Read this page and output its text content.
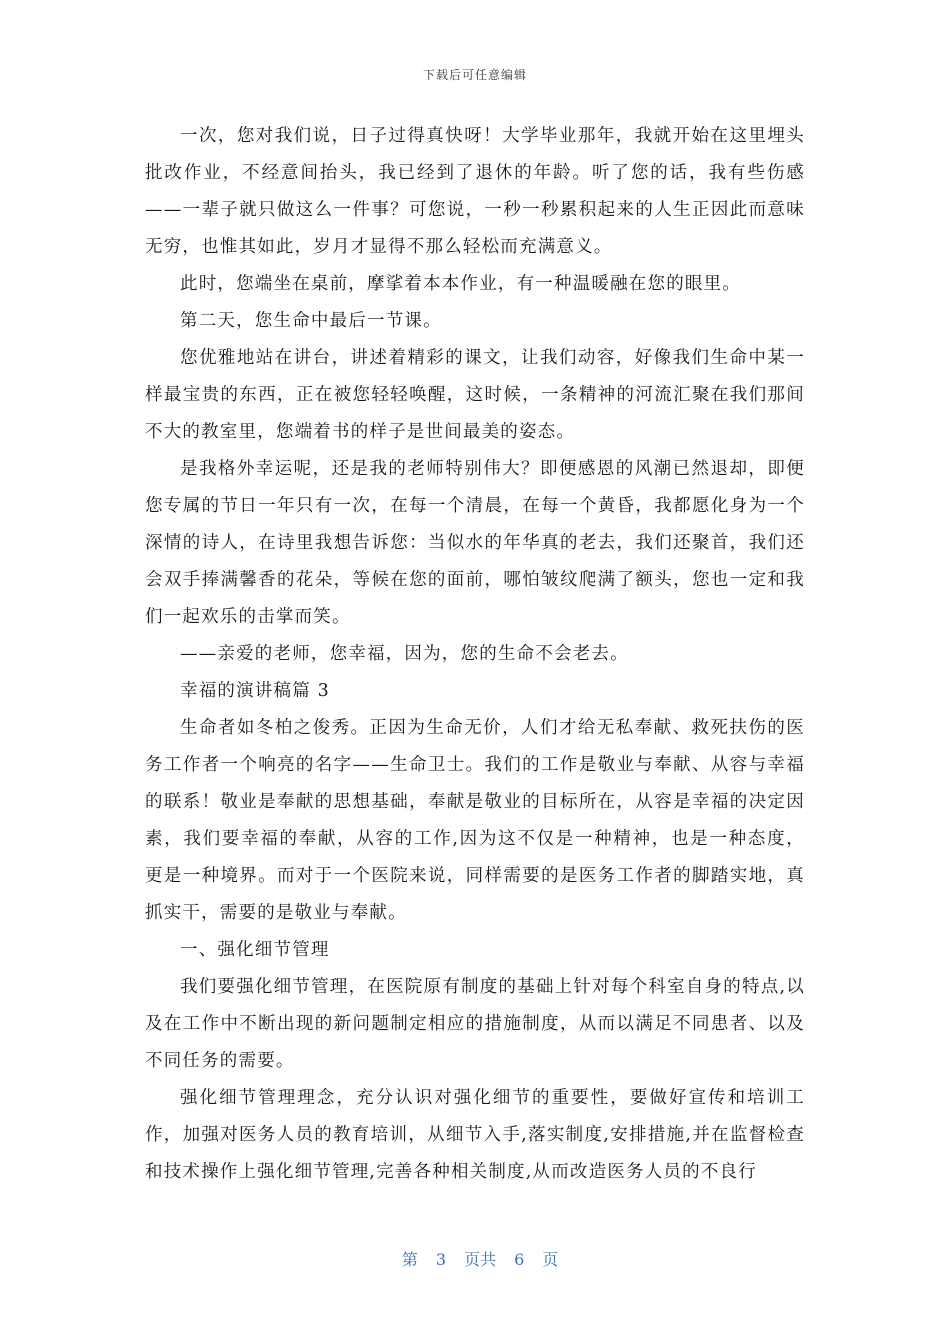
下载后可任意编辑

一次，您对我们说，日子过得真快呀！大学毕业那年，我就开始在这里埋头批改作业，不经意间抬头，我已经到了退休的年龄。听了您的话，我有些伤感——一辈子就只做这么一件事？可您说，一秒一秒累积起来的人生正因此而意味无穷，也惟其如此，岁月才显得不那么轻松而充满意义。

此时，您端坐在桌前，摩挲着本本作业，有一种温暖融在您的眼里。

第二天，您生命中最后一节课。

您优雅地站在讲台，讲述着精彩的课文，让我们动容，好像我们生命中某一样最宝贵的东西，正在被您轻轻唤醒，这时候，一条精神的河流汇聚在我们那间不大的教室里，您端着书的样子是世间最美的姿态。

是我格外幸运呢，还是我的老师特别伟大？即便感恩的风潮已然退却，即便您专属的节日一年只有一次，在每一个清晨，在每一个黄昏，我都愿化身为一个深情的诗人，在诗里我想告诉您：当似水的年华真的老去，我们还聚首，我们还会双手捧满馨香的花朵，等候在您的面前，哪怕皱纹爬满了额头，您也一定和我们一起欢乐的击掌而笑。

——亲爱的老师，您幸福，因为，您的生命不会老去。

幸福的演讲稿篇 3

生命者如冬柏之俊秀。正因为生命无价，人们才给无私奉献、救死扶伤的医务工作者一个响亮的名字——生命卫士。我们的工作是敬业与奉献、从容与幸福的联系！敬业是奉献的思想基础，奉献是敬业的目标所在，从容是幸福的决定因素，我们要幸福的奉献，从容的工作,因为这不仅是一种精神，也是一种态度，更是一种境界。而对于一个医院来说，同样需要的是医务工作者的脚踏实地，真抓实干，需要的是敬业与奉献。

一、强化细节管理

我们要强化细节管理，在医院原有制度的基础上针对每个科室自身的特点,以及在工作中不断出现的新问题制定相应的措施制度，从而以满足不同患者、以及不同任务的需要。

强化细节管理理念，充分认识对强化细节的重要性，要做好宣传和培训工作，加强对医务人员的教育培训，从细节入手,落实制度,安排措施,并在监督检查和技术操作上强化细节管理,完善各种相关制度,从而改造医务人员的不良行

第 3 页共 6 页
